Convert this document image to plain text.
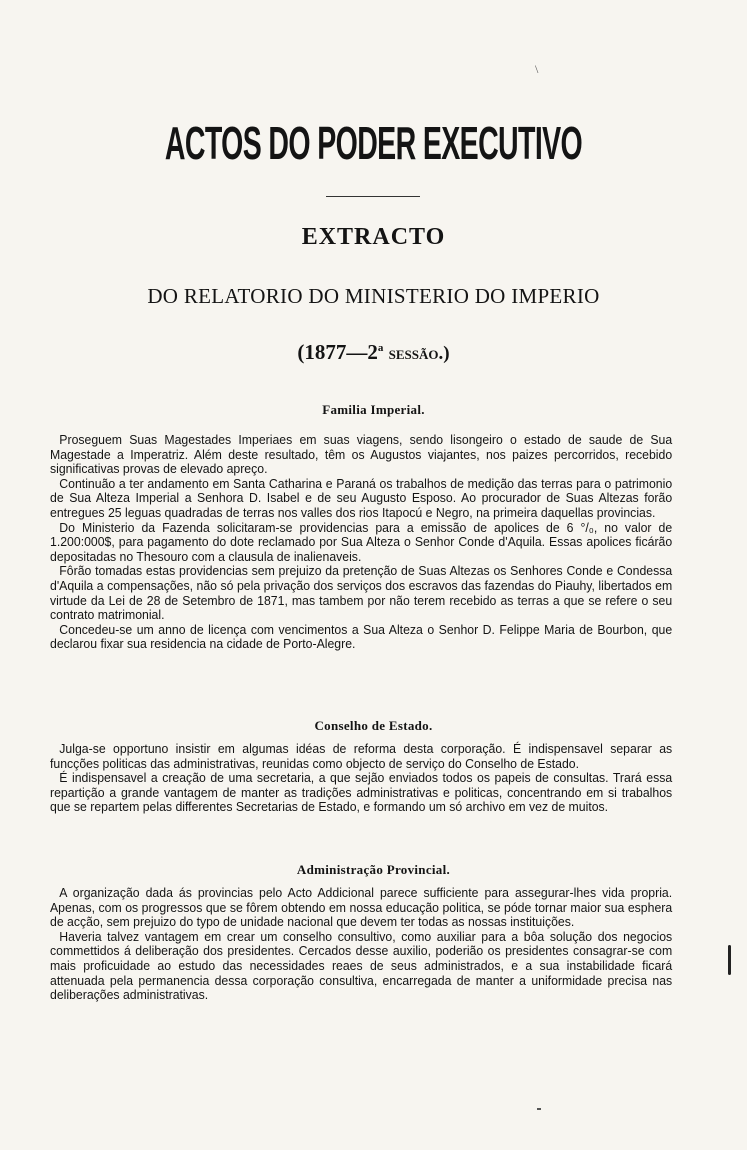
\
ACTOS DO PODER EXECUTIVO
EXTRACTO
DO RELATORIO DO MINISTERIO DO IMPERIO
(1877—2$^a$ sessão.)
Familia Imperial.

Proseguem Suas Magestades Imperiaes em suas viagens, sendo lisongeiro o estado de saude de Sua Magestade a Imperatriz. Além deste resultado, têm os Augustos viajantes, nos paizes percorridos, recebido significativas provas de elevado apreço.

Continuão a ter andamento em Santa Catharina e Paraná os trabalhos de medição das terras para o patrimonio de Sua Alteza Imperial a Senhora D. Isabel e de seu Augusto Esposo. Ao procurador de Suas Altezas forão entregues 25 leguas quadradas de terras nos valles dos rios Itapocú e Negro, na primeira daquellas provincias.

Do Ministerio da Fazenda solicitaram-se providencias para a emissão de apolices de 6 °/₀, no valor de 1.200:000$, para pagamento do dote reclamado por Sua Alteza o Senhor Conde d'Aquila. Essas apolices ficárão depositadas no Thesouro com a clausula de inalienaveis.

Fôrão tomadas estas providencias sem prejuizo da pretenção de Suas Altezas os Senhores Conde e Condessa d'Aquila a compensações, não só pela privação dos serviços dos escravos das fazendas do Piauhy, libertados em virtude da Lei de 28 de Setembro de 1871, mas tambem por não terem recebido as terras a que se refere o seu contrato matrimonial.

Concedeu-se um anno de licença com vencimentos a Sua Alteza o Senhor D. Felippe Maria de Bourbon, que declarou fixar sua residencia na cidade de Porto-Alegre.

Conselho de Estado.

Julga-se opportuno insistir em algumas idéas de reforma desta corporação. É indispensavel separar as funcções politicas das administrativas, reunidas como objecto de serviço do Conselho de Estado.

É indispensavel a creação de uma secretaria, a que sejão enviados todos os papeis de consultas. Trará essa repartição a grande vantagem de manter as tradições administrativas e politicas, concentrando em si trabalhos que se repartem pelas differentes Secretarias de Estado, e formando um só archivo em vez de muitos.

Administração Provincial.

A organização dada ás provincias pelo Acto Addicional parece sufficiente para assegurar-lhes vida propria. Apenas, com os progressos que se fôrem obtendo em nossa educação politica, se póde tornar maior sua esphera de acção, sem prejuizo do typo de unidade nacional que devem ter todas as nossas instituições.

Haveria talvez vantagem em crear um conselho consultivo, como auxiliar para a bôa solução dos negocios commettidos á deliberação dos presidentes. Cercados desse auxilio, poderião os presidentes consagrar-se com mais proficuidade ao estudo das necessidades reaes de seus administrados, e a sua instabilidade ficará attenuada pela permanencia dessa corporação consultiva, encarregada de manter a uniformidade precisa nas deliberações administrativas.
